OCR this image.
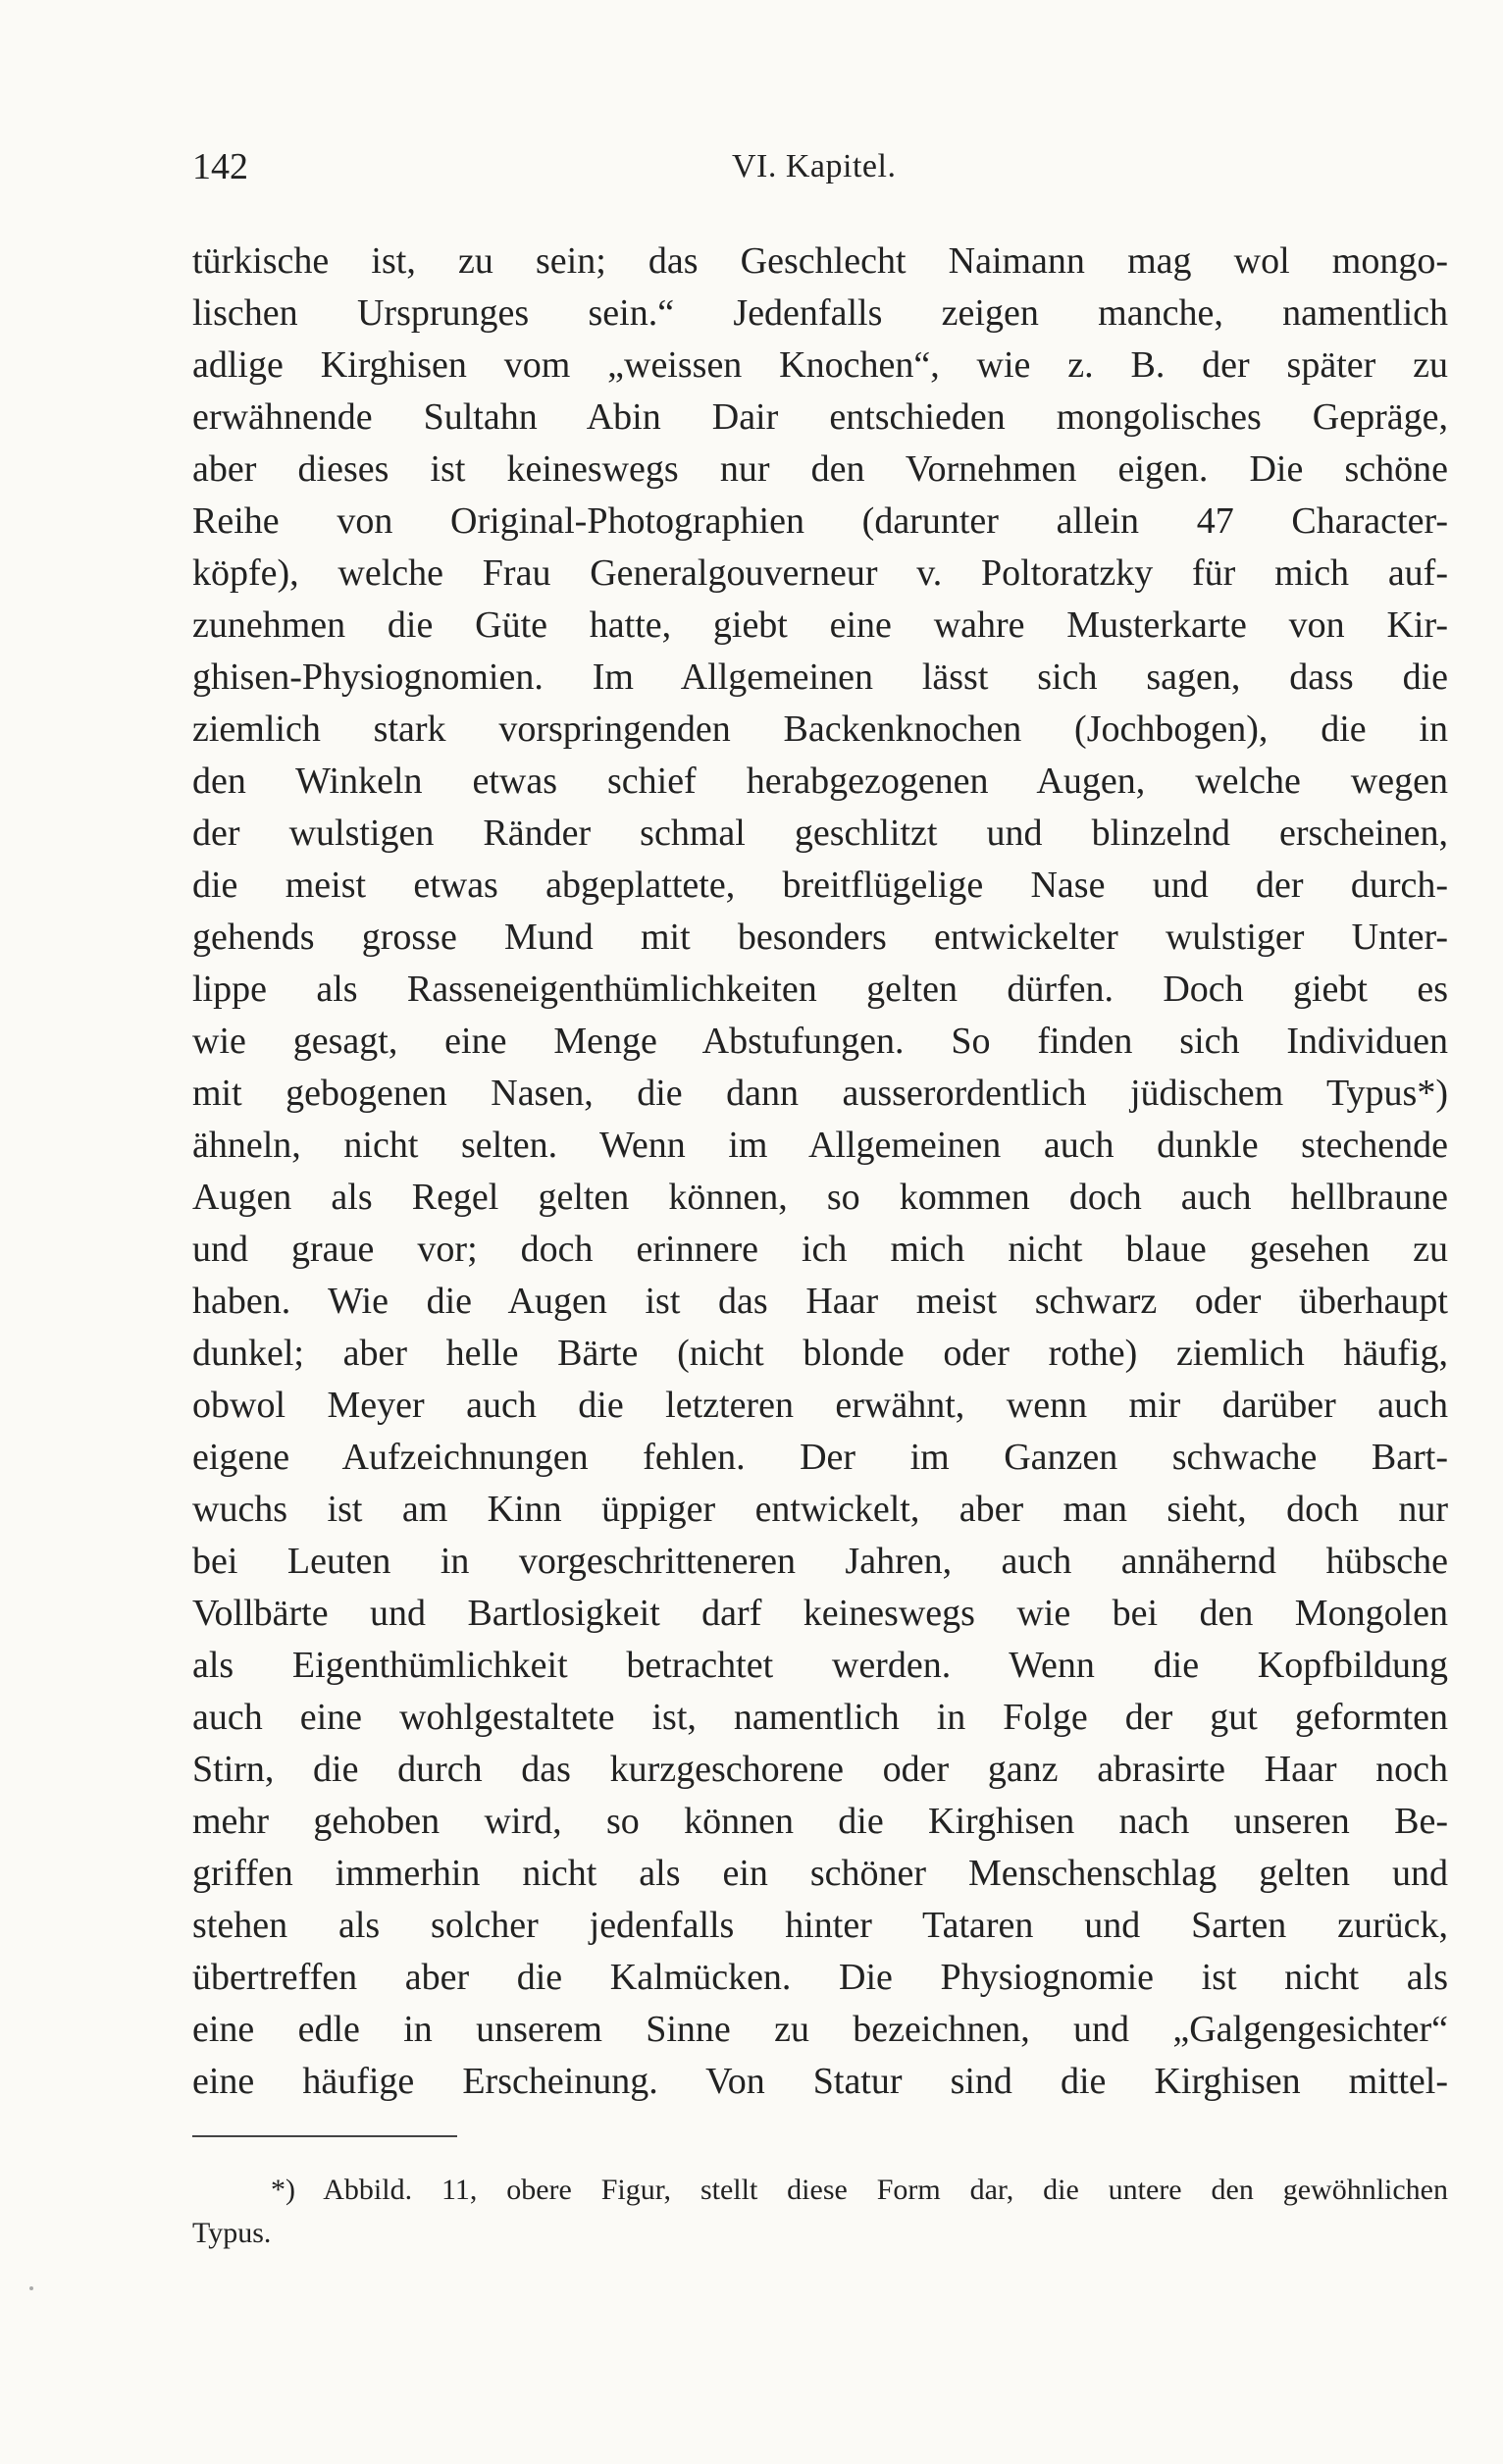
142	VI. Kapitel.
türkische ist, zu sein; das Geschlecht Naimann mag wol mongo-
lischen Ursprunges sein.“ Jedenfalls zeigen manche, namentlich
adlige Kirghisen vom „weissen Knochen“, wie z. B. der später zu
erwähnende Sultahn Abin Dair entschieden mongolisches Gepräge,
aber dieses ist keineswegs nur den Vornehmen eigen. Die schöne
Reihe von Original-Photographien (darunter allein 47 Character-
köpfe), welche Frau Generalgouverneur v. Poltoratzky für mich auf-
zunehmen die Güte hatte, giebt eine wahre Musterkarte von Kir-
ghisen-Physiognomien. Im Allgemeinen lässt sich sagen, dass die
ziemlich stark vorspringenden Backenknochen (Jochbogen), die in
den Winkeln etwas schief herabgezogenen Augen, welche wegen
der wulstigen Ränder schmal geschlitzt und blinzelnd erscheinen,
die meist etwas abgeplattete, breitflügelige Nase und der durch-
gehends grosse Mund mit besonders entwickelter wulstiger Unter-
lippe als Rasseneigenthümlichkeiten gelten dürfen. Doch giebt es
wie gesagt, eine Menge Abstufungen. So finden sich Individuen
mit gebogenen Nasen, die dann ausserordentlich jüdischem Typus*)
ähneln, nicht selten. Wenn im Allgemeinen auch dunkle stechende
Augen als Regel gelten können, so kommen doch auch hellbraune
und graue vor; doch erinnere ich mich nicht blaue gesehen zu
haben. Wie die Augen ist das Haar meist schwarz oder überhaupt
dunkel; aber helle Bärte (nicht blonde oder rothe) ziemlich häufig,
obwol Meyer auch die letzteren erwähnt, wenn mir darüber auch
eigene Aufzeichnungen fehlen. Der im Ganzen schwache Bart-
wuchs ist am Kinn üppiger entwickelt, aber man sieht, doch nur
bei Leuten in vorgeschritteneren Jahren, auch annähernd hübsche
Vollbärte und Bartlosigkeit darf keineswegs wie bei den Mongolen
als Eigenthümlichkeit betrachtet werden. Wenn die Kopfbildung
auch eine wohlgestaltete ist, namentlich in Folge der gut geformten
Stirn, die durch das kurzgeschorene oder ganz abrasirte Haar noch
mehr gehoben wird, so können die Kirghisen nach unseren Be-
griffen immerhin nicht als ein schöner Menschenschlag gelten und
stehen als solcher jedenfalls hinter Tataren und Sarten zurück,
übertreffen aber die Kalmücken. Die Physiognomie ist nicht als
eine edle in unserem Sinne zu bezeichnen, und „Galgengesichter“
eine häufige Erscheinung. Von Statur sind die Kirghisen mittel-
*) Abbild. 11, obere Figur, stellt diese Form dar, die untere den gewöhnlichen
Typus.
